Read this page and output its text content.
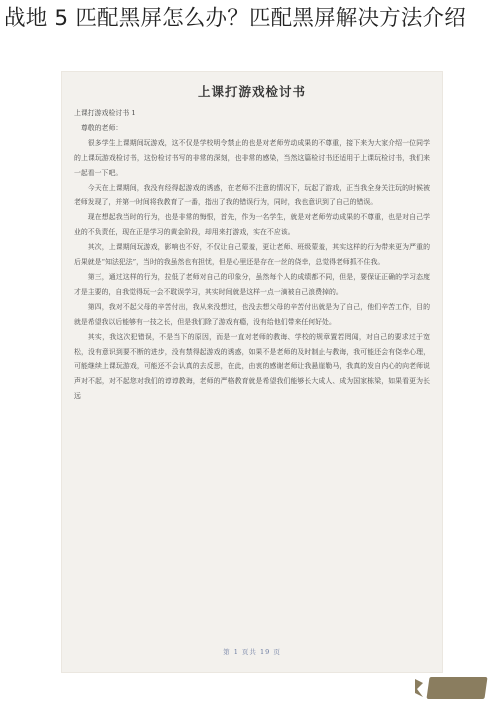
战地 5 匹配黑屏怎么办？匹配黑屏解决方法介绍
上课打游戏检讨书

上课打游戏检讨书 1

尊敬的老师：

很多学生上课期间玩游戏，这不仅是学校明令禁止的也是对老师劳动成果的不尊重，接下来为大家介绍一位同学的上课玩游戏检讨书，这份检讨书写的非常的深刻，也非常的感染，当然这篇检讨书还适用于上课玩检讨书，我们来一起看一下吧。

今天在上课期间，我没有经得起游戏的诱惑，在老师不注意的情况下，玩起了游戏，正当我全身关注玩的时候被老师发现了，并第一时间将我教育了一番，指出了我的错误行为，同时，我也意识到了自己的错误。

现在想起我当时的行为，也是非常的悔恨，首先，作为一名学生，就是对老师劳动成果的不尊重，也是对自己学业的不负责任，现在正是学习的黄金阶段，却用来打游戏，实在不应该。

其次，上课期间玩游戏，影响也不好，不仅让自己蒙羞，更让老师、班级蒙羞，其实这样的行为带来更为严重的后果就是“知法犯法”，当时的我虽然也有担忧，但是心里还是存在一丝的侥幸，总觉得老师抓不住我。

第三，通过这样的行为，拉低了老师对自己的印象分，虽然每个人的成绩都不同，但是，要保证正确的学习态度才是主要的，自我觉得玩一会不耽误学习，其实时间就是这样一点一滴被自己浪费掉的。

第四，我对不起父母的辛苦付出，我从来没想过，也没去想父母的辛苦付出就是为了自己，他们辛苦工作，目的就是希望我以后能够有一技之长，但是我们除了游戏有瘾，没有给他们带来任何好处。

其实，我这次犯错误，不是当下的原因，而是一直对老师的教诲、学校的规章置若罔闻，对自己的要求过于宽松，没有意识到要不断的进步，没有禁得起游戏的诱惑，如果不是老师的及时制止与教诲，我可能还会有侥幸心理，可能继续上课玩游戏，可能还不会认真的去反思，在此，由衷的感谢老师让我悬崖勒马，我真的发自内心的向老师说声对不起，对不起您对我们的谆谆教诲，老师的严格教育就是希望我们能够长大成人、成为国家栋梁，如果看更为长远

第 1 页共 19 页
